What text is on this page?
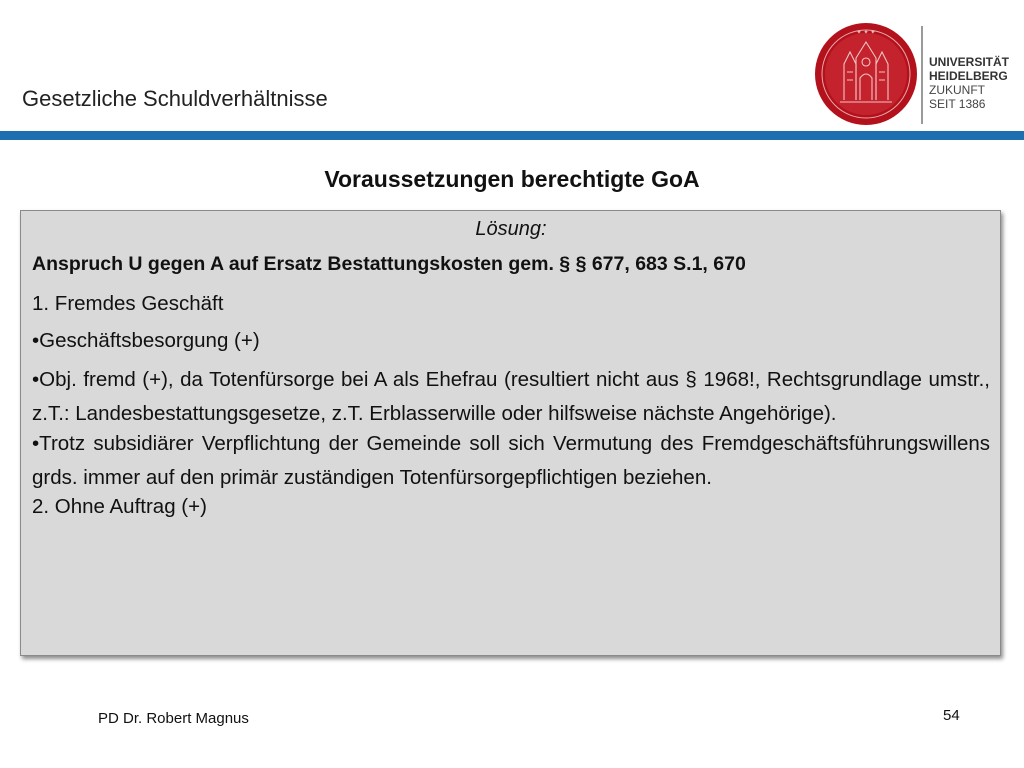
Gesetzliche Schuldverhältnisse
✦ ✦ ✦
UNIVERSITÄT
HEIDELBERG
ZUKUNFT
SEIT 1386
Voraussetzungen berechtigte GoA

Lösung:

Anspruch U gegen A auf Ersatz Bestattungskosten gem. § § 677, 683 S.1, 670

1. Fremdes Geschäft

•Geschäftsbesorgung (+)

•Obj. fremd (+), da Totenfürsorge bei A als Ehefrau (resultiert nicht aus § 1968!, Rechtsgrundlage umstr., z.T.: Landesbestattungsgesetze, z.T. Erblasserwille oder hilfsweise nächste Angehörige).

•Trotz subsidiärer Verpflichtung der Gemeinde soll sich Vermutung des Fremdgeschäftsführungswillens grds. immer auf den primär zuständigen Totenfürsorgepflichtigen beziehen.

2. Ohne Auftrag (+)

PD Dr. Robert Magnus	54
